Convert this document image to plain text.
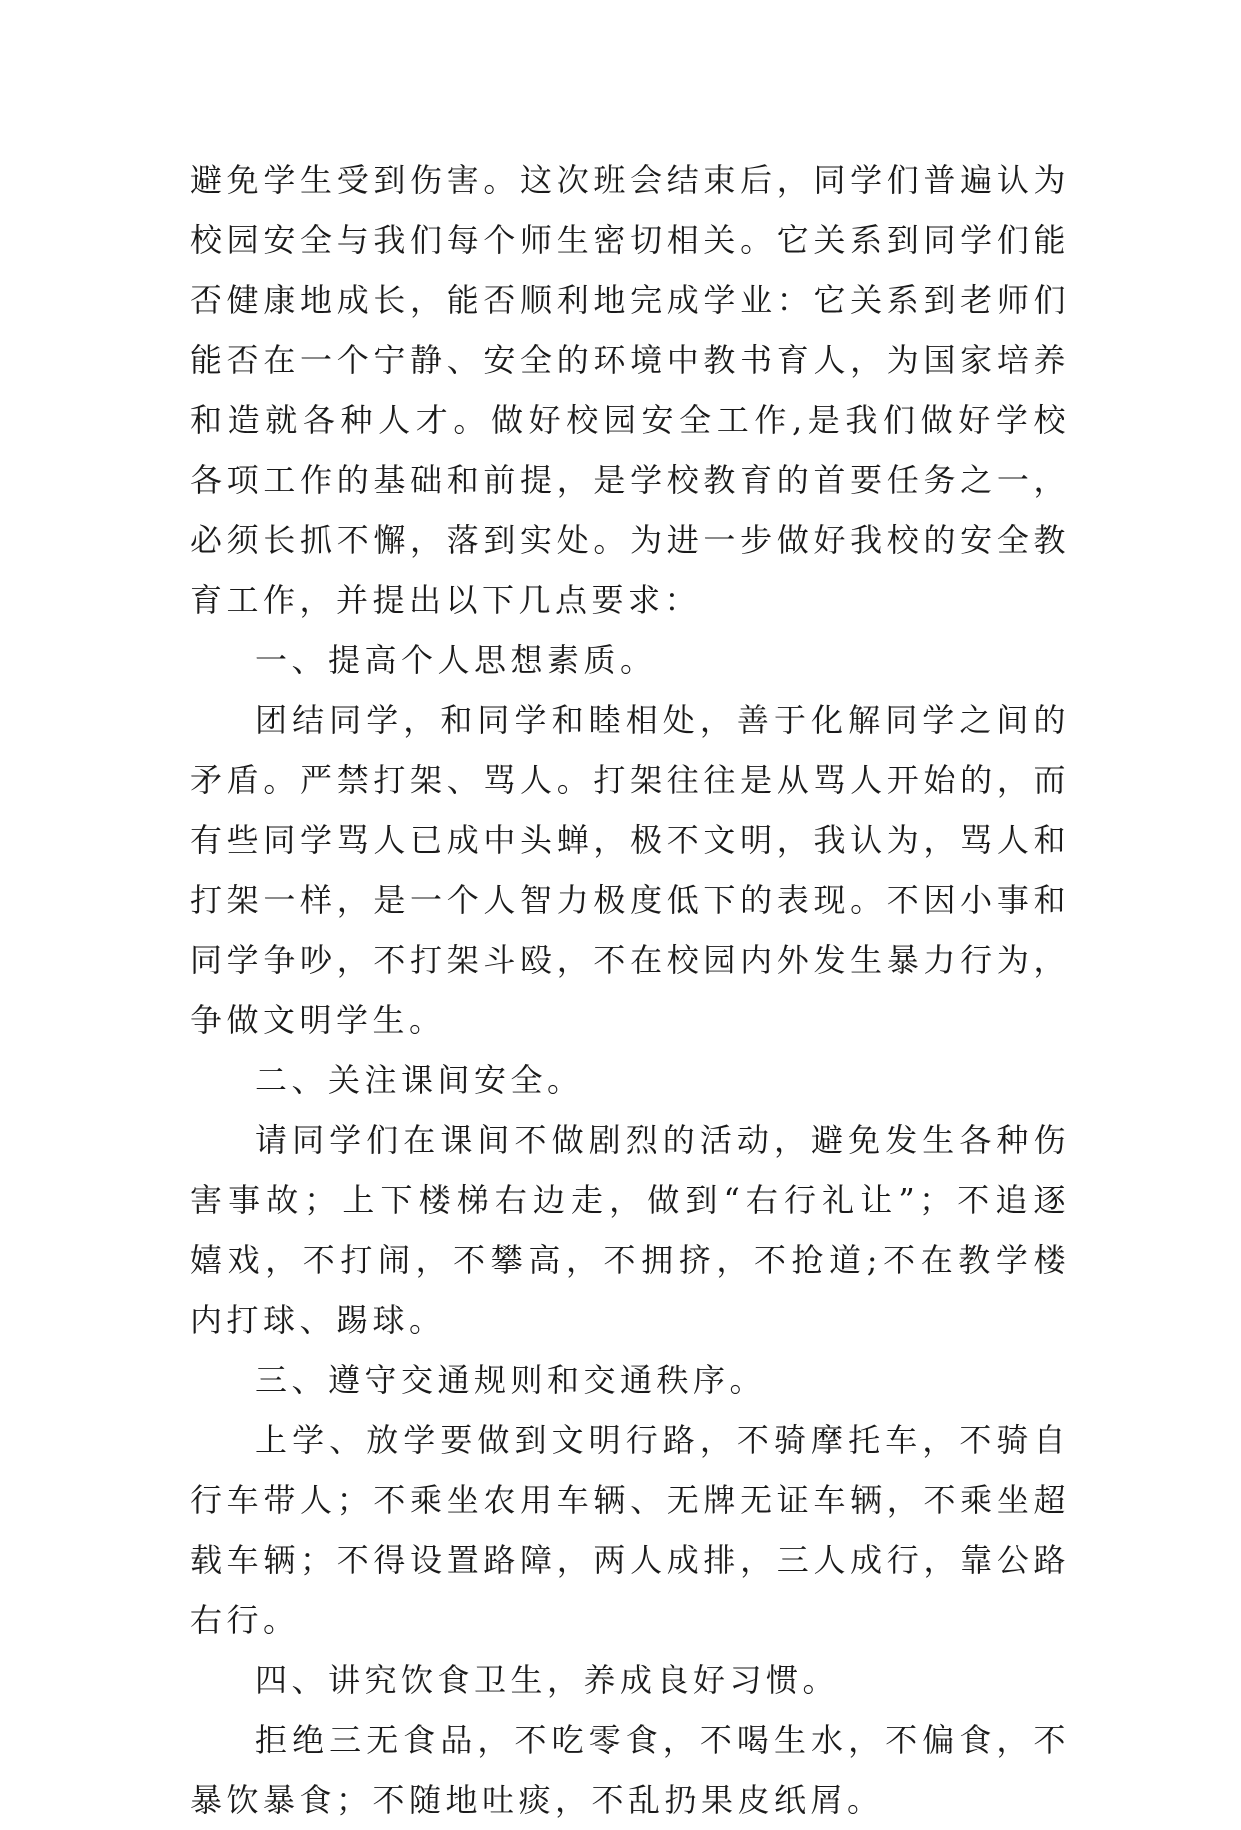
避免学生受到伤害。这次班会结束后，同学们普遍认为校园安全与我们每个师生密切相关。它关系到同学们能否健康地成长，能否顺利地完成学业：它关系到老师们能否在一个宁静、安全的环境中教书育人，为国家培养和造就各种人才。做好校园安全工作,是我们做好学校各项工作的基础和前提，是学校教育的首要任务之一，必须长抓不懈，落到实处。为进一步做好我校的安全教育工作，并提出以下几点要求：

一、提高个人思想素质。

团结同学，和同学和睦相处，善于化解同学之间的矛盾。严禁打架、骂人。打架往往是从骂人开始的，而有些同学骂人已成中头蝉，极不文明，我认为，骂人和打架一样，是一个人智力极度低下的表现。不因小事和同学争吵，不打架斗殴，不在校园内外发生暴力行为，争做文明学生。

二、关注课间安全。

请同学们在课间不做剧烈的活动，避免发生各种伤害事故；上下楼梯右边走，做到“右行礼让”；不追逐嬉戏，不打闹，不攀高，不拥挤，不抢道;不在教学楼内打球、踢球。

三、遵守交通规则和交通秩序。

上学、放学要做到文明行路，不骑摩托车，不骑自行车带人；不乘坐农用车辆、无牌无证车辆，不乘坐超载车辆；不得设置路障，两人成排，三人成行，靠公路右行。

四、讲究饮食卫生，养成良好习惯。

拒绝三无食品，不吃零食，不喝生水，不偏食，不暴饮暴食；不随地吐痰，不乱扔果皮纸屑。
